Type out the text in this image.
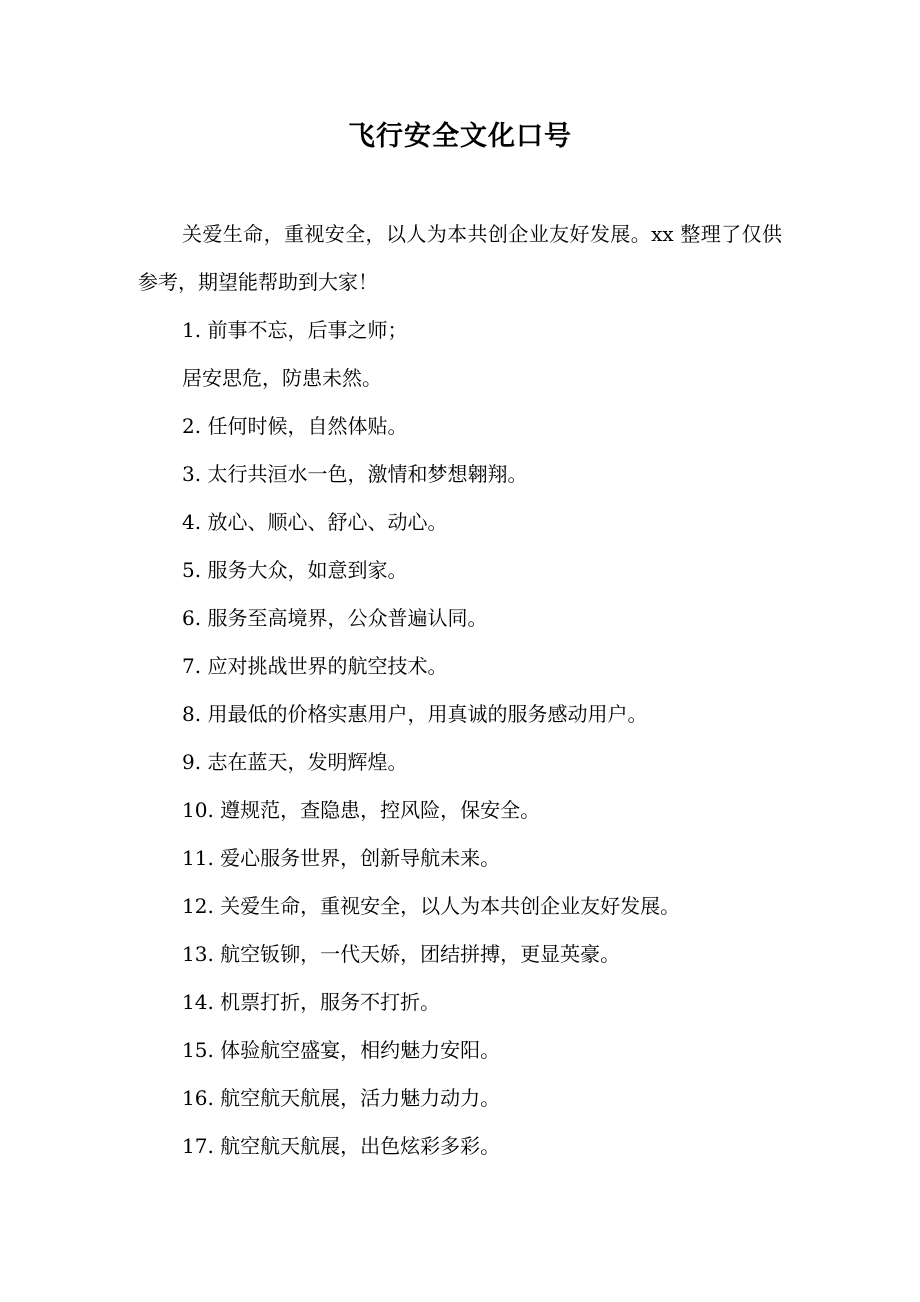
飞行安全文化口号

关爱生命，重视安全，以人为本共创企业友好发展。xx 整理了仅供参考，期望能帮助到大家！

1. 前事不忘，后事之师；
居安思危，防患未然。
2. 任何时候，自然体贴。
3. 太行共洹水一色，激情和梦想翱翔。
4. 放心、顺心、舒心、动心。
5. 服务大众，如意到家。
6. 服务至高境界，公众普遍认同。
7. 应对挑战世界的航空技术。
8. 用最低的价格实惠用户，用真诚的服务感动用户。
9. 志在蓝天，发明辉煌。
10. 遵规范，查隐患，控风险，保安全。
11. 爱心服务世界，创新导航未来。
12. 关爱生命，重视安全，以人为本共创企业友好发展。
13. 航空钣铆，一代天娇，团结拼搏，更显英豪。
14. 机票打折，服务不打折。
15. 体验航空盛宴，相约魅力安阳。
16. 航空航天航展，活力魅力动力。
17. 航空航天航展，出色炫彩多彩。
